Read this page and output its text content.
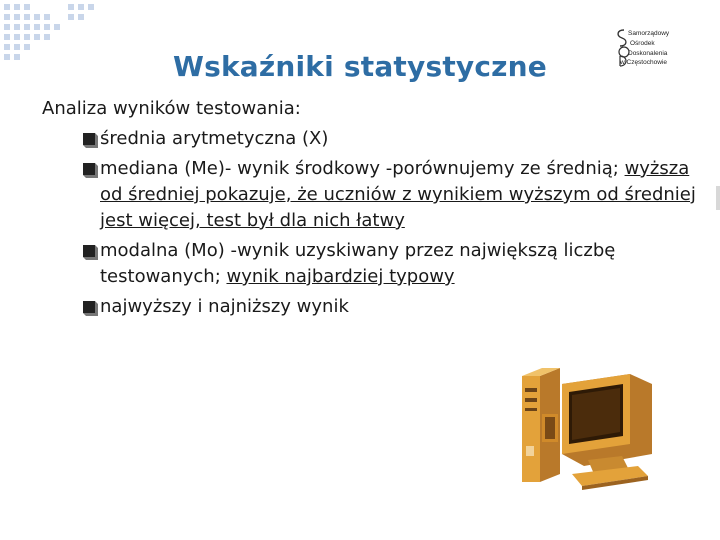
Wskaźniki statystyczne
Samorządowy
Ośrodek
Doskonalenia
w Częstochowie
Analiza wyników testowania:
średnia arytmetyczna (X)
mediana (Me)- wynik środkowy -porównujemy ze średnią; wyższa od średniej pokazuje, że uczniów z wynikiem wyższym od średniej jest więcej, test był dla nich łatwy
modalna (Mo) -wynik uzyskiwany przez największą liczbę testowanych; wynik najbardziej typowy
najwyższy i najniższy wynik
